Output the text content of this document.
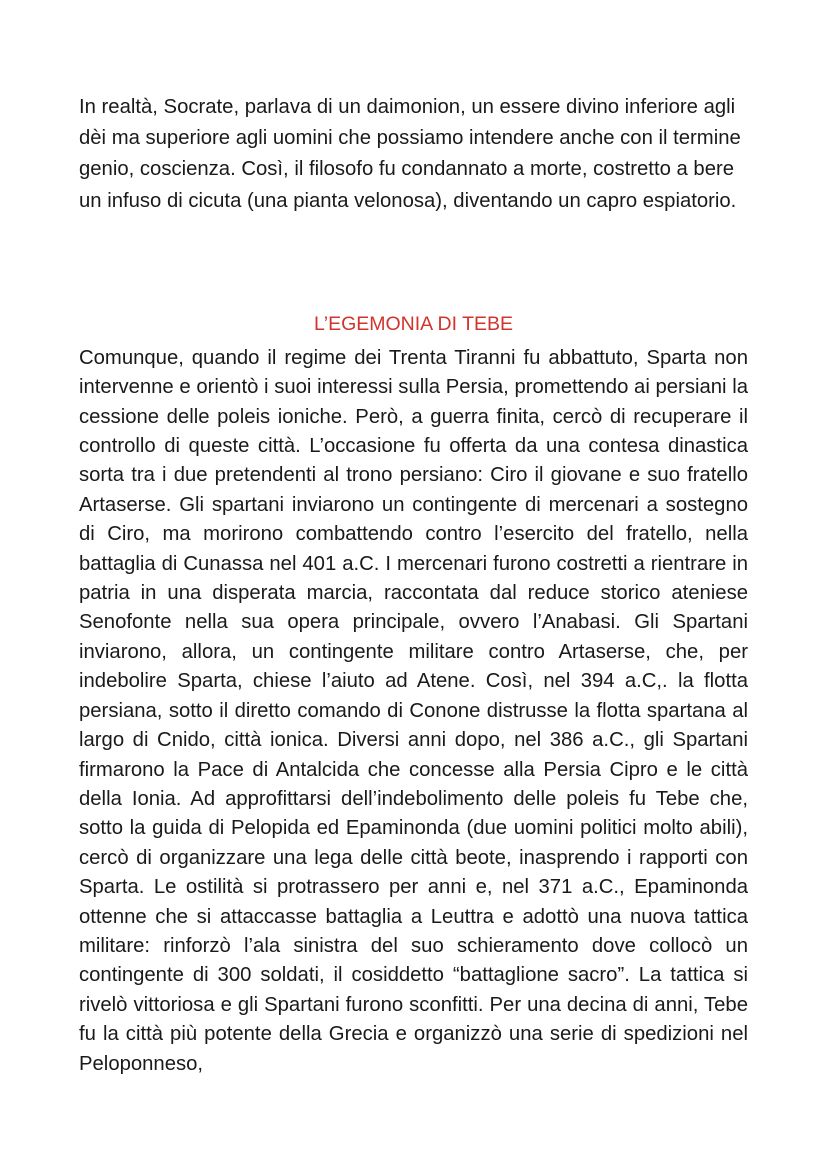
In realtà, Socrate, parlava di un daimonion, un essere divino inferiore agli dèi ma superiore agli uomini che possiamo intendere anche con il termine genio, coscienza. Così, il filosofo fu condannato a morte, costretto a bere un infuso di cicuta (una pianta velonosa), diventando un capro espiatorio.

L’EGEMONIA DI TEBE

Comunque, quando il regime dei Trenta Tiranni fu abbattuto, Sparta non intervenne e orientò i suoi interessi sulla Persia, promettendo ai persiani la cessione delle poleis ioniche. Però, a guerra finita, cercò di recuperare il controllo di queste città. L’occasione fu offerta da una contesa dinastica sorta tra i due pretendenti al trono persiano: Ciro il giovane e suo fratello Artaserse. Gli spartani inviarono un contingente di mercenari a sostegno di Ciro, ma morirono combattendo contro l’esercito del fratello, nella battaglia di Cunassa nel 401 a.C. I mercenari furono costretti a rientrare in patria in una disperata marcia, raccontata dal reduce storico ateniese Senofonte nella sua opera principale, ovvero l’Anabasi. Gli Spartani inviarono, allora, un contingente militare contro Artaserse, che, per indebolire Sparta, chiese l’aiuto ad Atene. Così, nel 394 a.C,. la flotta persiana, sotto il diretto comando di Conone distrusse la flotta spartana al largo di Cnido, città ionica. Diversi anni dopo, nel 386 a.C., gli Spartani firmarono la Pace di Antalcida che concesse alla Persia Cipro e le città della Ionia. Ad approfittarsi dell’indebolimento delle poleis fu Tebe che, sotto la guida di Pelopida ed Epaminonda (due uomini politici molto abili), cercò di organizzare una lega delle città beote, inasprendo i rapporti con Sparta. Le ostilità si protrassero per anni e, nel 371 a.C., Epaminonda ottenne che si attaccasse battaglia a Leuttra e adottò una nuova tattica militare: rinforzò l’ala sinistra del suo schieramento dove collocò un contingente di 300 soldati, il cosiddetto “battaglione sacro”. La tattica si rivelò vittoriosa e gli Spartani furono sconfitti. Per una decina di anni, Tebe fu la città più potente della Grecia e organizzò una serie di spedizioni nel Peloponneso,
